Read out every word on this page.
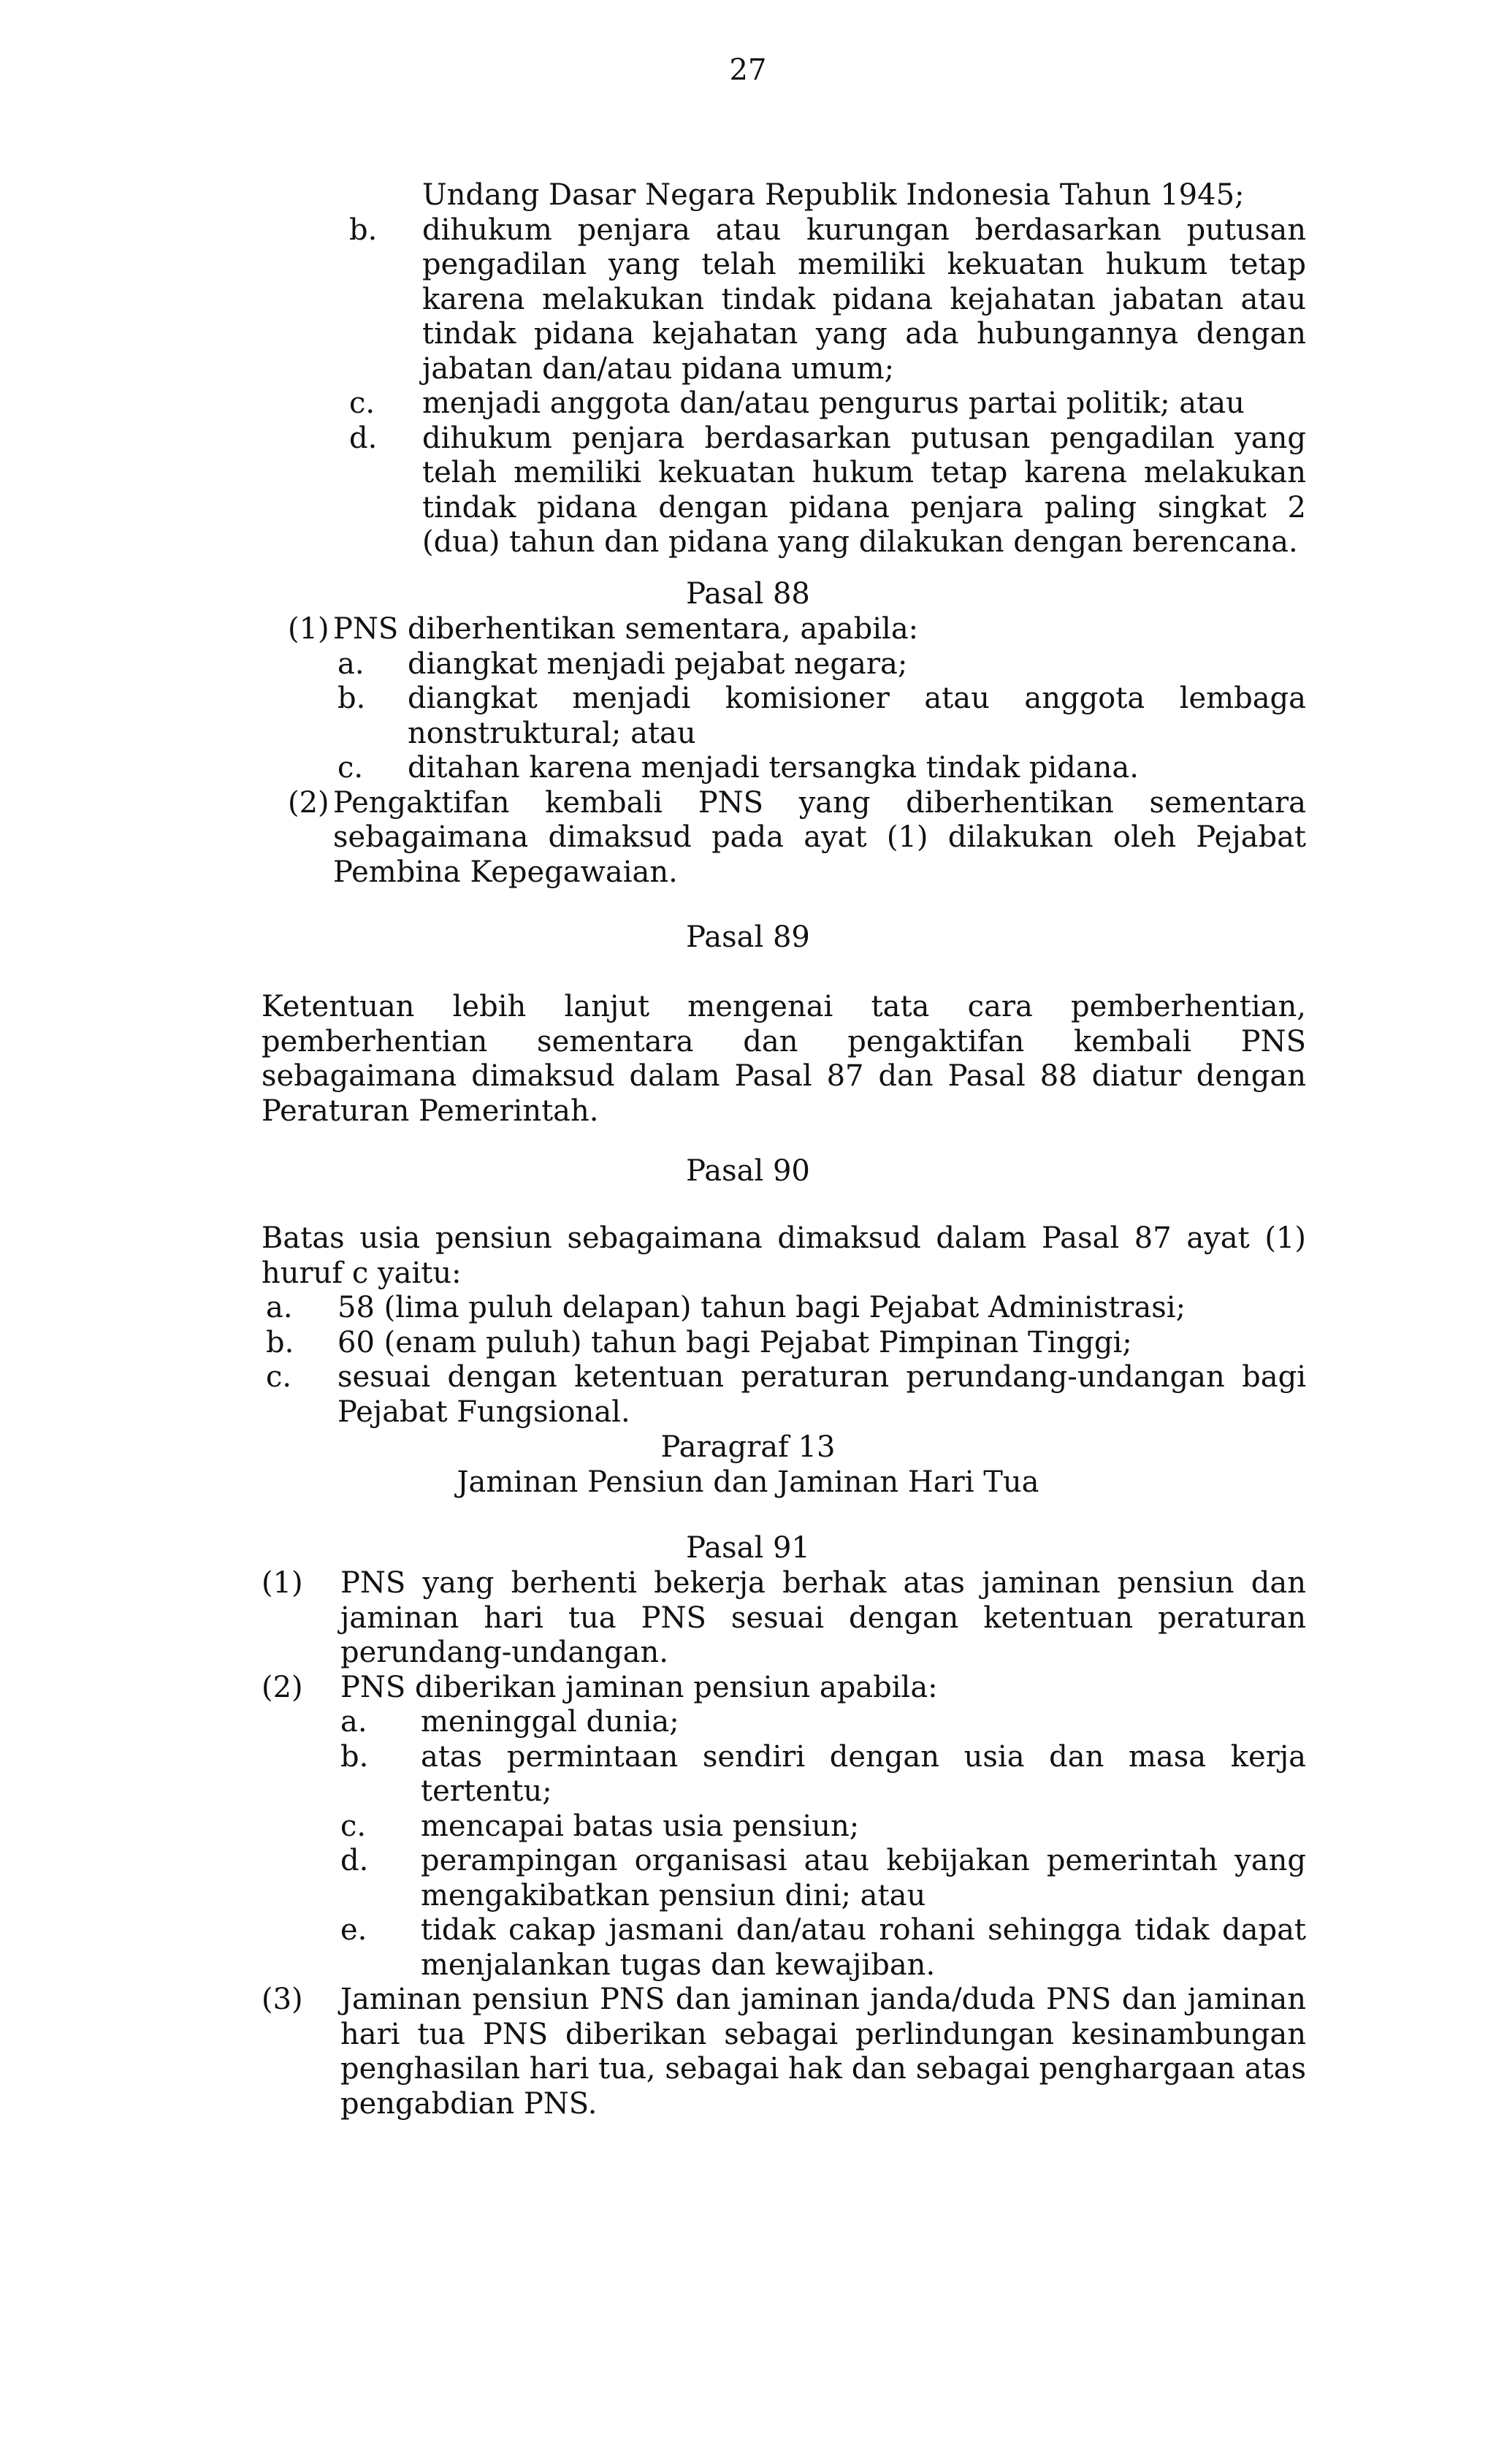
27
Undang Dasar Negara Republik Indonesia Tahun 1945;
b. dihukum penjara atau kurungan berdasarkan putusan pengadilan yang telah memiliki kekuatan hukum tetap karena melakukan tindak pidana kejahatan jabatan atau tindak pidana kejahatan yang ada hubungannya dengan jabatan dan/atau pidana umum;
c. menjadi anggota dan/atau pengurus partai politik; atau
d. dihukum penjara berdasarkan putusan pengadilan yang telah memiliki kekuatan hukum tetap karena melakukan tindak pidana dengan pidana penjara paling singkat 2 (dua) tahun dan pidana yang dilakukan dengan berencana.
Pasal 88
(1) PNS diberhentikan sementara, apabila:
a. diangkat menjadi pejabat negara;
b. diangkat menjadi komisioner atau anggota lembaga nonstruktural; atau
c. ditahan karena menjadi tersangka tindak pidana.
(2) Pengaktifan kembali PNS yang diberhentikan sementara sebagaimana dimaksud pada ayat (1) dilakukan oleh Pejabat Pembina Kepegawaian.
Pasal 89
Ketentuan lebih lanjut mengenai tata cara pemberhentian, pemberhentian sementara dan pengaktifan kembali PNS sebagaimana dimaksud dalam Pasal 87 dan Pasal 88 diatur dengan Peraturan Pemerintah.
Pasal 90
Batas usia pensiun sebagaimana dimaksud dalam Pasal 87 ayat (1) huruf c yaitu:
a. 58 (lima puluh delapan) tahun bagi Pejabat Administrasi;
b. 60 (enam puluh) tahun bagi Pejabat Pimpinan Tinggi;
c. sesuai dengan ketentuan peraturan perundang-undangan bagi Pejabat Fungsional.
Paragraf 13
Jaminan Pensiun dan Jaminan Hari Tua
Pasal 91
(1) PNS yang berhenti bekerja berhak atas jaminan pensiun dan jaminan hari tua PNS sesuai dengan ketentuan peraturan perundang-undangan.
(2) PNS diberikan jaminan pensiun apabila:
a. meninggal dunia;
b. atas permintaan sendiri dengan usia dan masa kerja tertentu;
c. mencapai batas usia pensiun;
d. perampingan organisasi atau kebijakan pemerintah yang mengakibatkan pensiun dini; atau
e. tidak cakap jasmani dan/atau rohani sehingga tidak dapat menjalankan tugas dan kewajiban.
(3) Jaminan pensiun PNS dan jaminan janda/duda PNS dan jaminan hari tua PNS diberikan sebagai perlindungan kesinambungan penghasilan hari tua, sebagai hak dan sebagai penghargaan atas pengabdian PNS.
